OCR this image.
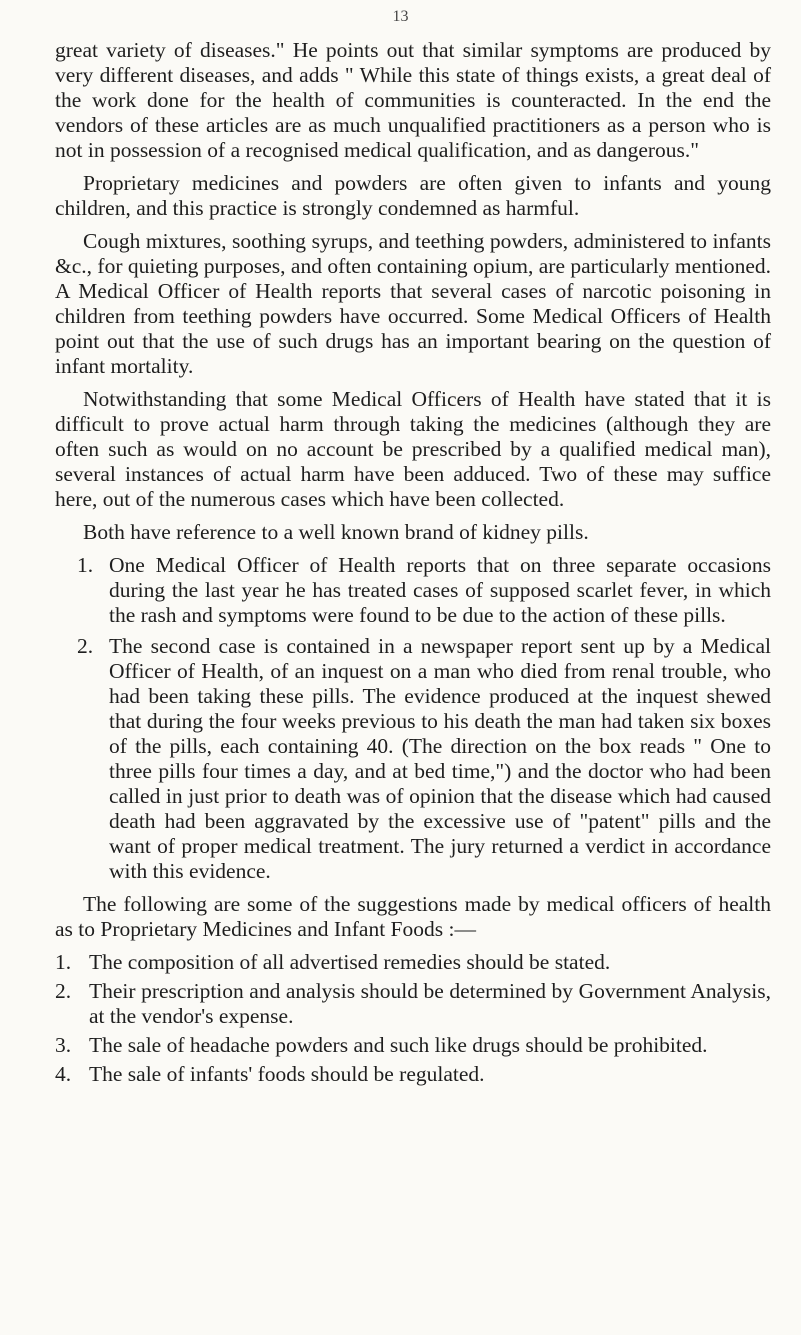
13

great variety of diseases." He points out that similar symptoms are produced by very different diseases, and adds " While this state of things exists, a great deal of the work done for the health of communities is counteracted. In the end the vendors of these articles are as much unqualified practitioners as a person who is not in possession of a recognised medical qualification, and as dangerous."

Proprietary medicines and powders are often given to infants and young children, and this practice is strongly condemned as harmful.

Cough mixtures, soothing syrups, and teething powders, administered to infants &c., for quieting purposes, and often containing opium, are particularly mentioned. A Medical Officer of Health reports that several cases of narcotic poisoning in children from teething powders have occurred. Some Medical Officers of Health point out that the use of such drugs has an important bearing on the question of infant mortality.

Notwithstanding that some Medical Officers of Health have stated that it is difficult to prove actual harm through taking the medicines (although they are often such as would on no account be prescribed by a qualified medical man), several instances of actual harm have been adduced. Two of these may suffice here, out of the numerous cases which have been collected.

Both have reference to a well known brand of kidney pills.

1. One Medical Officer of Health reports that on three separate occasions during the last year he has treated cases of supposed scarlet fever, in which the rash and symptoms were found to be due to the action of these pills.
2. The second case is contained in a newspaper report sent up by a Medical Officer of Health, of an inquest on a man who died from renal trouble, who had been taking these pills. The evidence produced at the inquest shewed that during the four weeks previous to his death the man had taken six boxes of the pills, each containing 40. (The direction on the box reads " One to three pills four times a day, and at bed time,") and the doctor who had been called in just prior to death was of opinion that the disease which had caused death had been aggravated by the excessive use of "patent" pills and the want of proper medical treatment. The jury returned a verdict in accordance with this evidence.

The following are some of the suggestions made by medical officers of health as to Proprietary Medicines and Infant Foods :—

1. The composition of all advertised remedies should be stated.
2. Their prescription and analysis should be determined by Government Analysis, at the vendor's expense.
3. The sale of headache powders and such like drugs should be prohibited.
4. The sale of infants' foods should be regulated.
